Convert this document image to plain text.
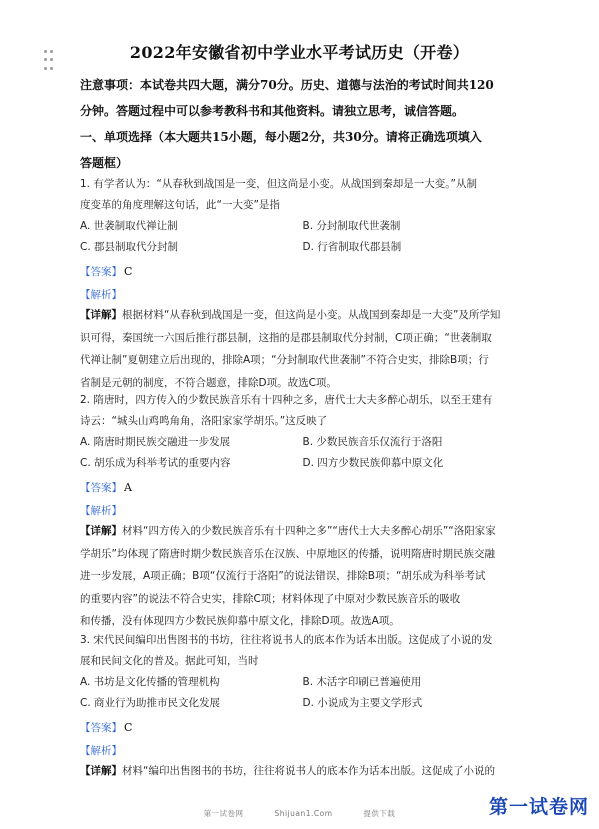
2022年安徽省初中学业水平考试历史（开卷）
注意事项：本试卷共四大题，满分70分。历史、道德与法治的考试时间共120
分钟。答题过程中可以参考教科书和其他资料。请独立思考，诚信答题。
一、单项选择（本大题共15小题，每小题2分，共30分。请将正确选项填入
答题框）
1. 有学者认为：“从春秋到战国是一变，但这尚是小变。从战国到秦却是一大变。”从制
度变革的角度理解这句话，此“一大变”是指
A. 世袭制取代禅让制	B. 分封制取代世袭制
C. 郡县制取代分封制	D. 行省制取代郡县制
【答案】 C
【解析】
【详解】根据材料“从春秋到战国是一变，但这尚是小变。从战国到秦却是一大变”及所学知
识可得，秦国统一六国后推行郡县制，这指的是郡县制取代分封制，C项正确；“世袭制取
代禅让制”夏朝建立后出现的，排除A项；“分封制取代世袭制”不符合史实，排除B项；行
省制是元朝的制度，不符合题意，排除D项。故选C项。
2. 隋唐时，四方传入的少数民族音乐有十四种之多，唐代士大夫多醉心胡乐，以至王建有
诗云：“城头山鸡鸣角角，洛阳家家学胡乐。”这反映了
A. 隋唐时期民族交融进一步发展	B. 少数民族音乐仅流行于洛阳
C. 胡乐成为科举考试的重要内容	D. 四方少数民族仰慕中原文化
【答案】 A
【解析】
【详解】材料“四方传入的少数民族音乐有十四种之多”“唐代士大夫多醉心胡乐”“洛阳家家
学胡乐”均体现了隋唐时期少数民族音乐在汉族、中原地区的传播，说明隋唐时期民族交融
进一步发展，A项正确；B项“仅流行于洛阳”的说法错误，排除B项；“胡乐成为科举考试
的重要内容”的说法不符合史实，排除C项；材料体现了中原对少数民族音乐的吸收
和传播，没有体现四方少数民族仰慕中原文化，排除D项。故选A项。
3. 宋代民间编印出售图书的书坊，往往将说书人的底本作为话本出版。这促成了小说的发
展和民间文化的普及。据此可知，当时
A. 书坊是文化传播的管理机构	B. 木活字印刷已普遍使用
C. 商业行为助推市民文化发展	D. 小说成为主要文学形式
【答案】 C
【解析】
【详解】材料“编印出售图书的书坊，往往将说书人的底本作为话本出版。这促成了小说的
第一试卷网	Shijuan1.Com	提供下载	第一试卷网
